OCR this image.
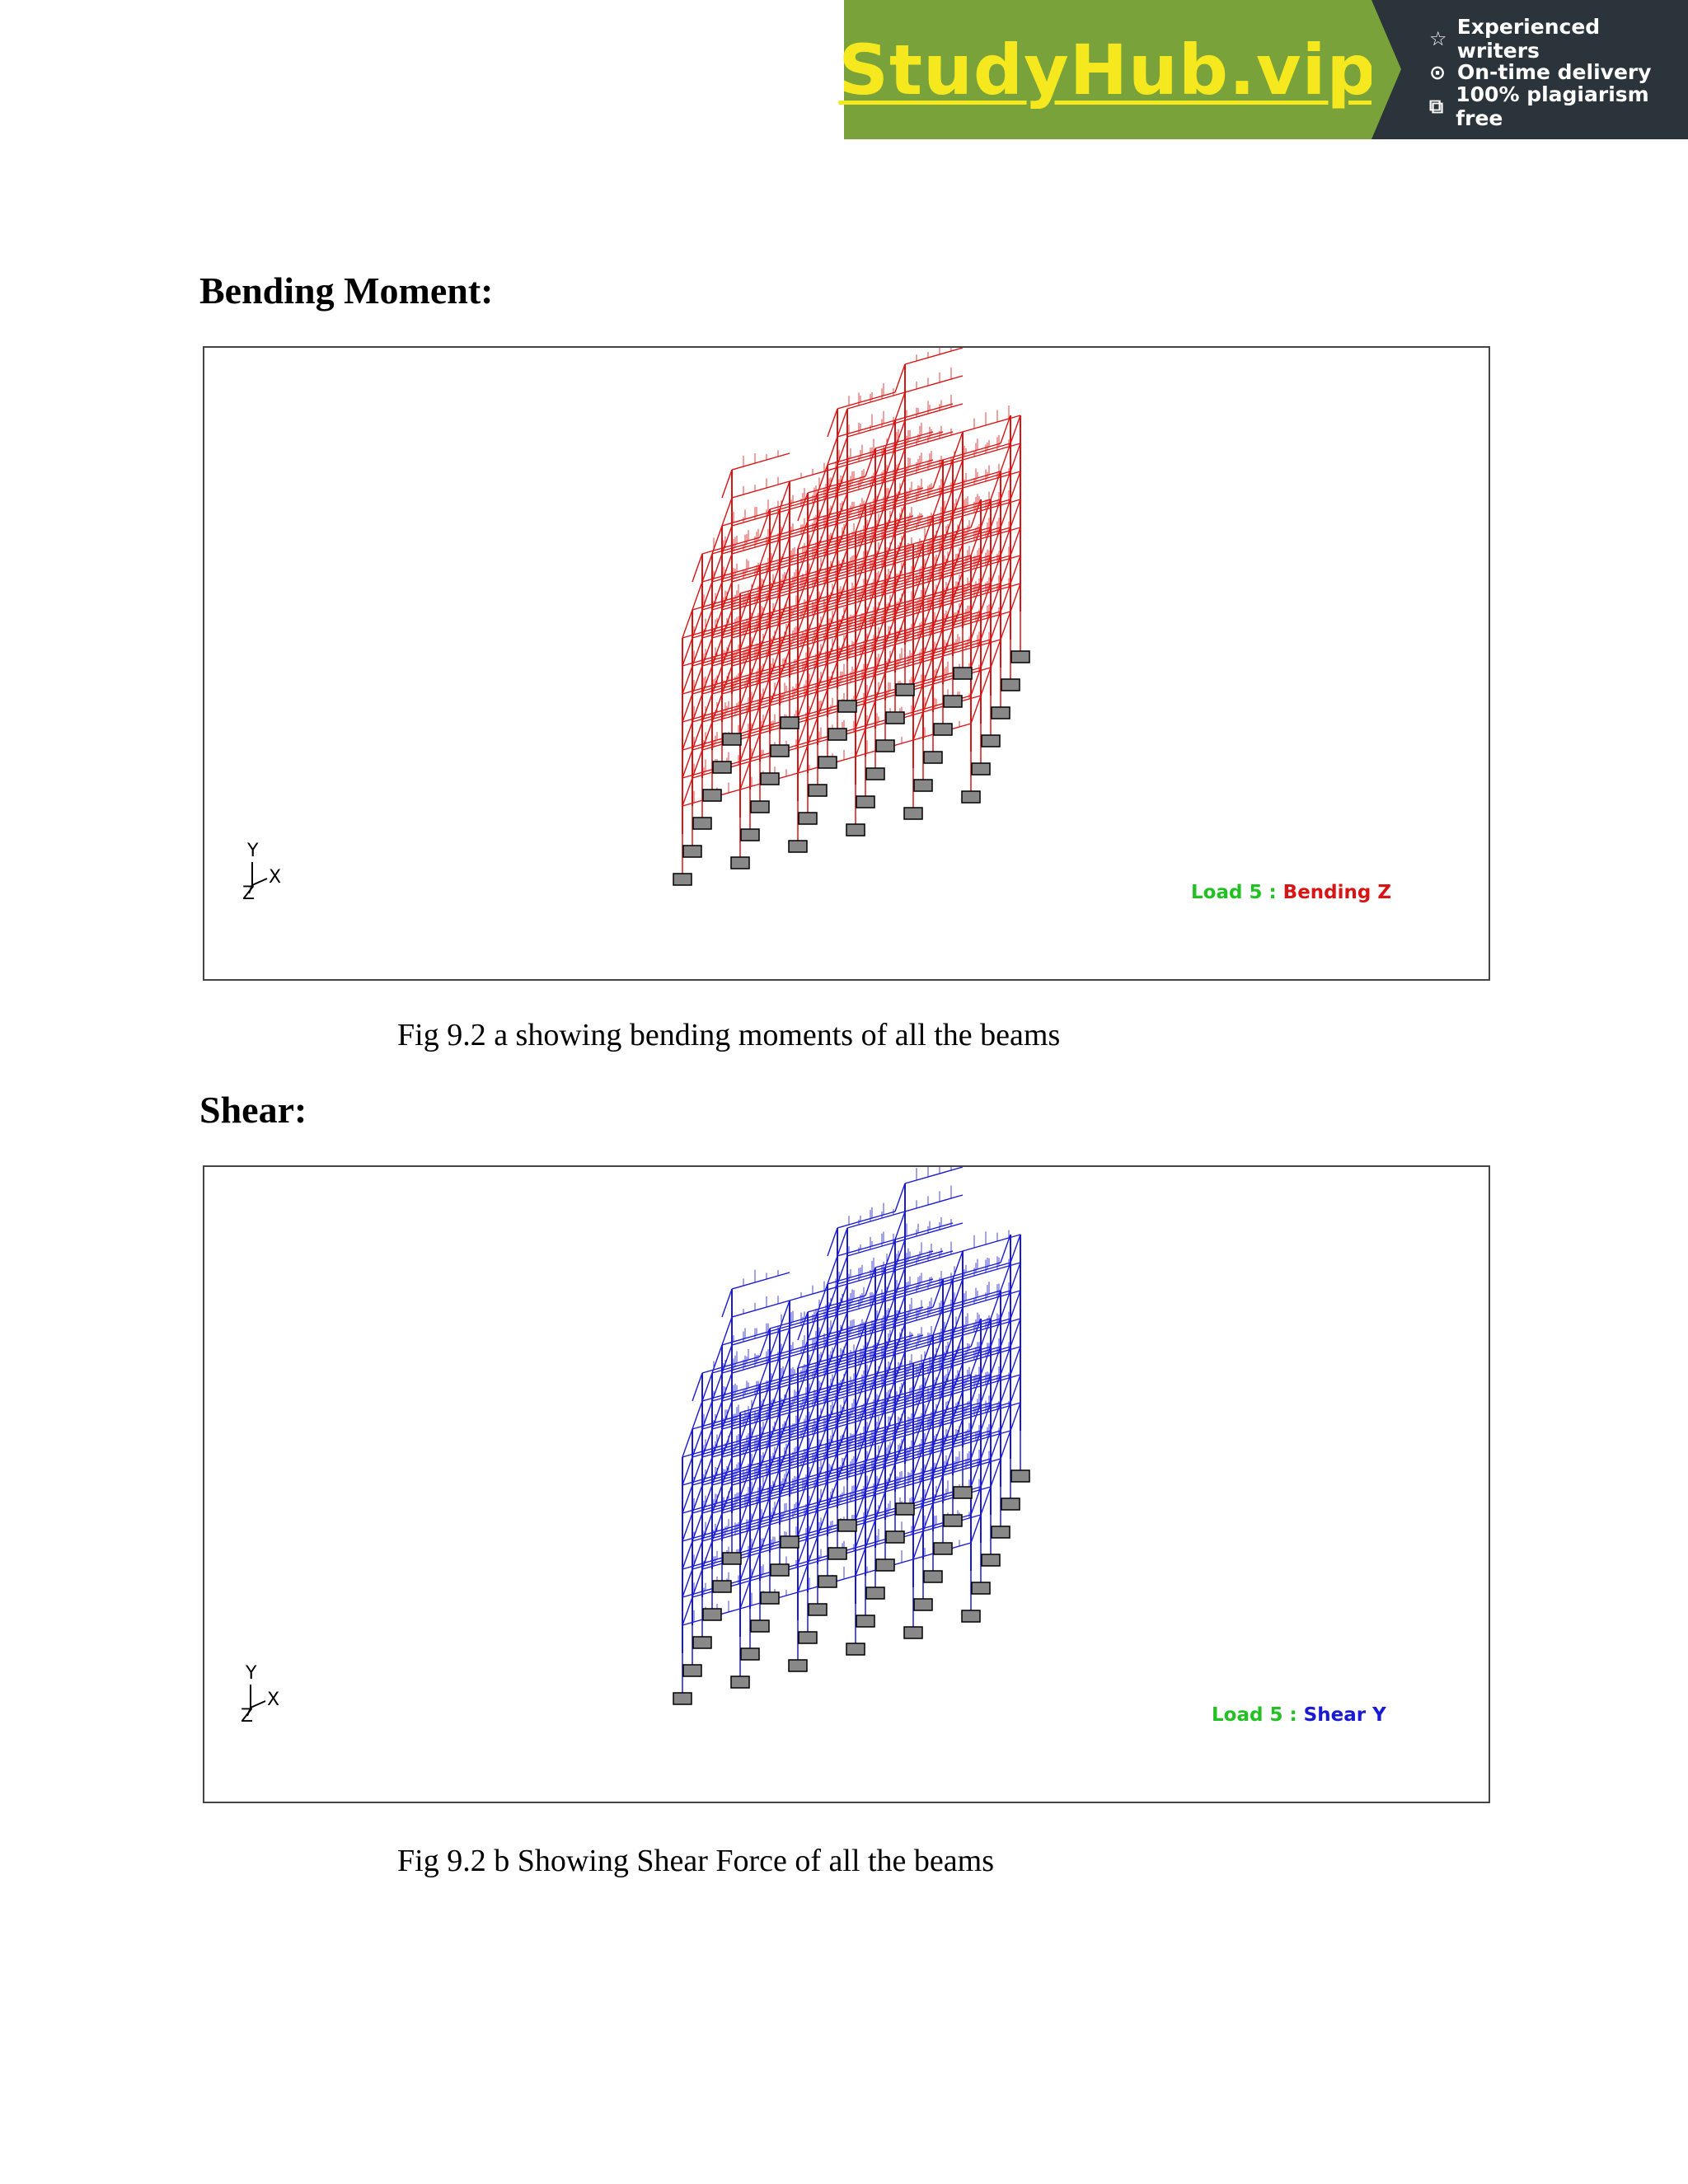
StudyHub.vip	☆ Experienced writers
⊙ On-time delivery
⧉ 100% plagiarism free
Bending Moment:
Y
X
Z	Load 5 : Bending Z

Fig 9.2 a showing bending moments of all the beams

Shear:
Y
X
Z	Load 5 : Shear Y

Fig 9.2 b Showing Shear Force of all the beams
